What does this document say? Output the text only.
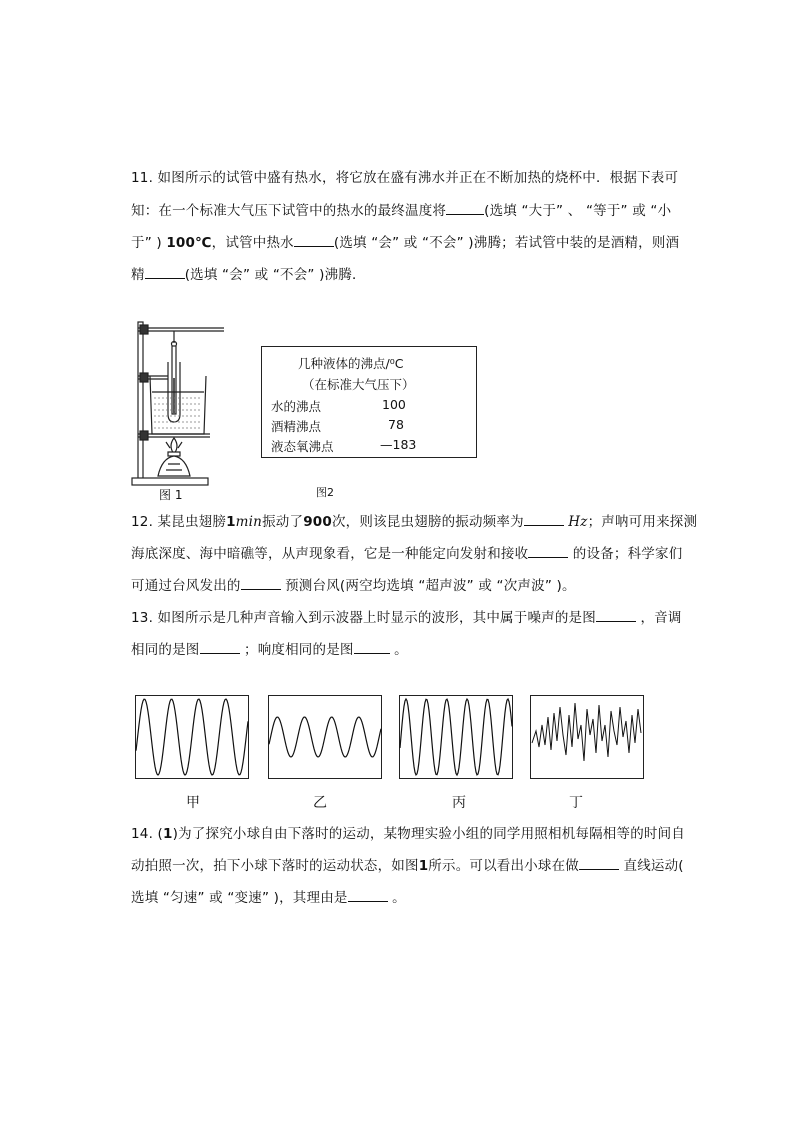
11. 如图所示的试管中盛有热水，将它放在盛有沸水并正在不断加热的烧杯中．根据下表可
知：在一个标准大气压下试管中的热水的最终温度将	(选填 “大于” 、 “等于” 或 “小
于” ) 100℃，试管中热水	(选填 “会” 或 “不会” )沸腾；若试管中装的是酒精，则酒
精	(选填 “会” 或 “不会” )沸腾．
图 1
几种液体的沸点/⁰C
（在标准大气压下）
水的沸点	100
酒精沸点	78
液态氧沸点	—183
图2
12. 某昆虫翅膀1min振动了900次，则该昆虫翅膀的振动频率为	Hz；声呐可用来探测
海底深度、海中暗礁等，从声现象看，它是一种能定向发射和接收	的设备；科学家们
可通过台风发出的	预测台风(两空均选填 “超声波” 或 “次声波” )。
13. 如图所示是几种声音输入到示波器上时显示的波形，其中属于噪声的是图	，音调
相同的是图	；响度相同的是图	。
甲	乙	丙	丁
14. (1)为了探究小球自由下落时的运动，某物理实验小组的同学用照相机每隔相等的时间自
动拍照一次，拍下小球下落时的运动状态，如图1所示。可以看出小球在做	直线运动(
选填 “匀速” 或 “变速” )，其理由是	。
